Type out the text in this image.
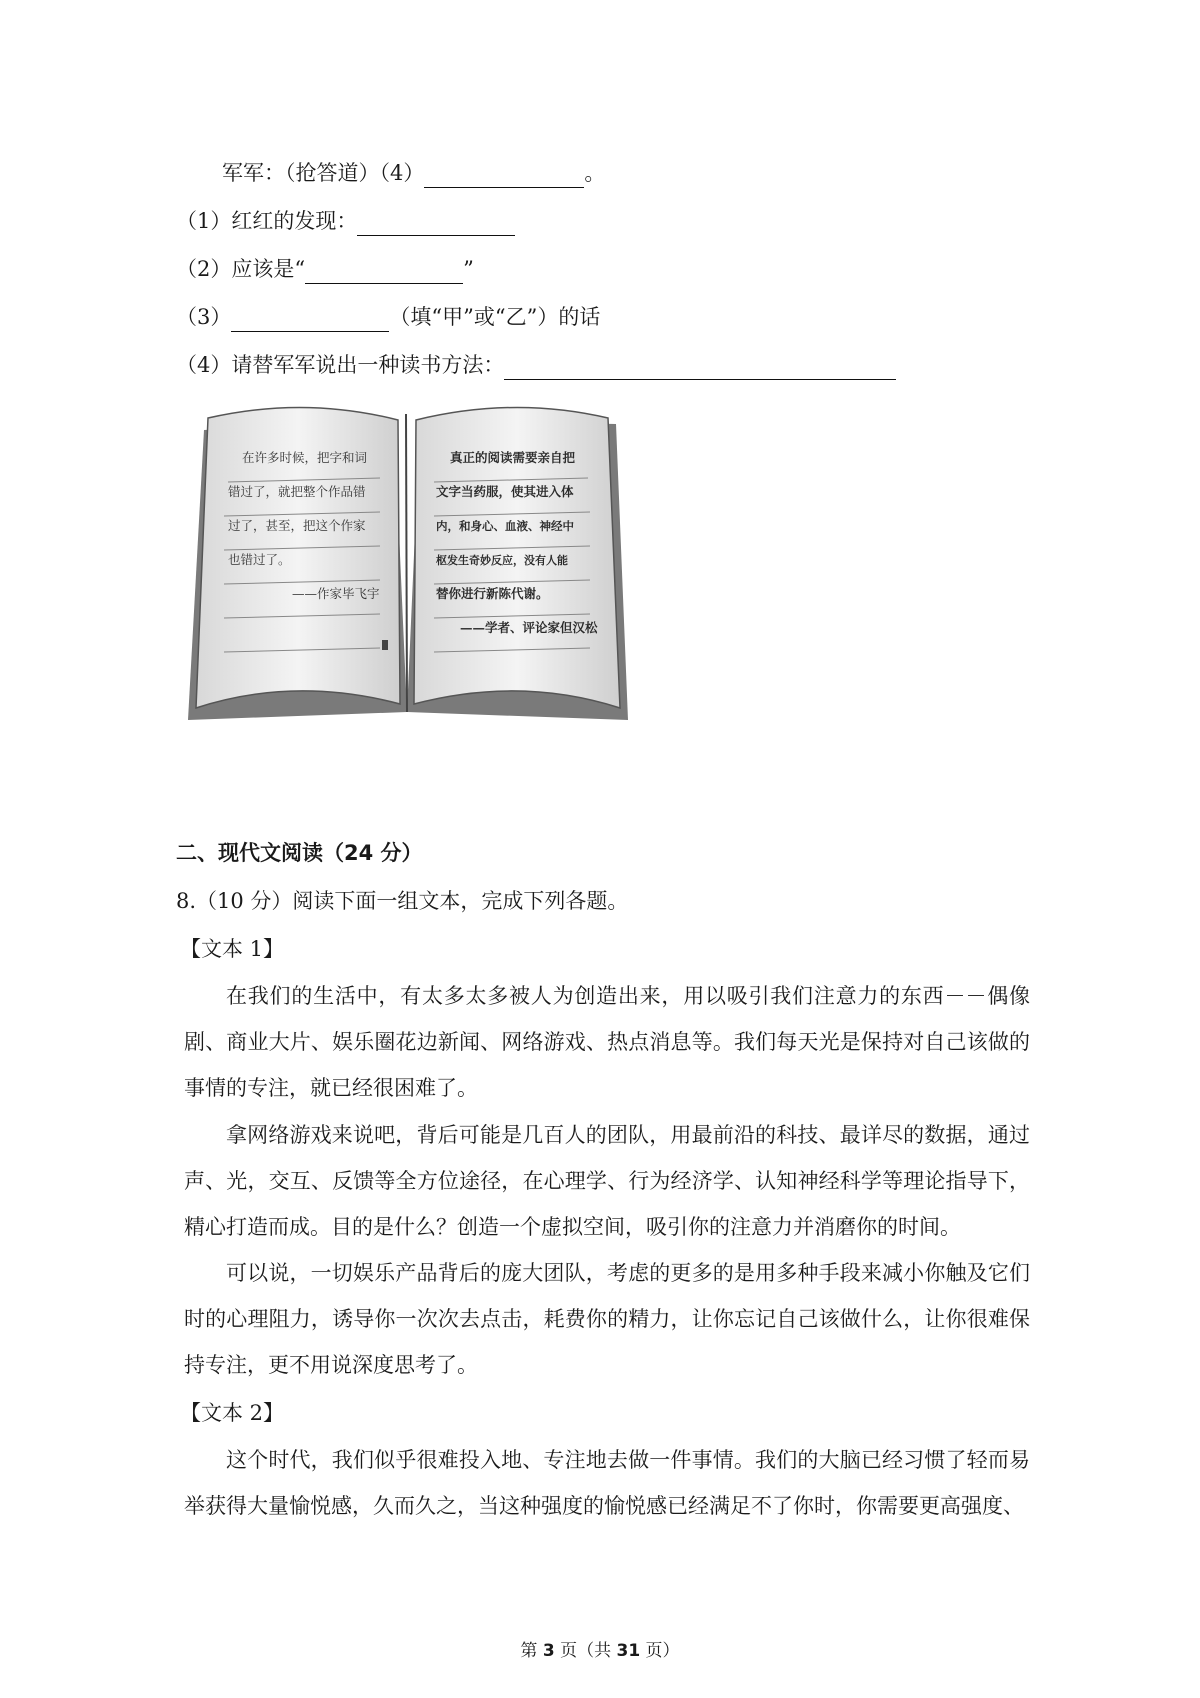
军军：（抢答道）（4）	。
（1）红红的发现：
（2）应该是“	”
（3）	（填“甲”或“乙”）的话
（4）请替军军说出一种读书方法：
在许多时候，把字和词
错过了，就把整个作品错
过了，甚至，把这个作家
也错过了。
——作家毕飞宇
真正的阅读需要亲自把
文字当药服，使其进入体
内，和身心、血液、神经中
枢发生奇妙反应，没有人能
替你进行新陈代谢。
——学者、评论家但汉松
二、现代文阅读（24 分）
8.（10 分）阅读下面一组文本，完成下列各题。
【文本 1】
在我们的生活中，有太多太多被人为创造出来，用以吸引我们注意力的东西－－偶像剧、商业大片、娱乐圈花边新闻、网络游戏、热点消息等。我们每天光是保持对自己该做的事情的专注，就已经很困难了。
拿网络游戏来说吧，背后可能是几百人的团队，用最前沿的科技、最详尽的数据，通过声、光，交互、反馈等全方位途径，在心理学、行为经济学、认知神经科学等理论指导下，精心打造而成。目的是什么？创造一个虚拟空间，吸引你的注意力并消磨你的时间。
可以说，一切娱乐产品背后的庞大团队，考虑的更多的是用多种手段来减小你触及它们时的心理阻力，诱导你一次次去点击，耗费你的精力，让你忘记自己该做什么，让你很难保持专注，更不用说深度思考了。
【文本 2】
这个时代，我们似乎很难投入地、专注地去做一件事情。我们的大脑已经习惯了轻而易举获得大量愉悦感，久而久之，当这种强度的愉悦感已经满足不了你时，你需要更高强度、
第 3 页（共 31 页）
